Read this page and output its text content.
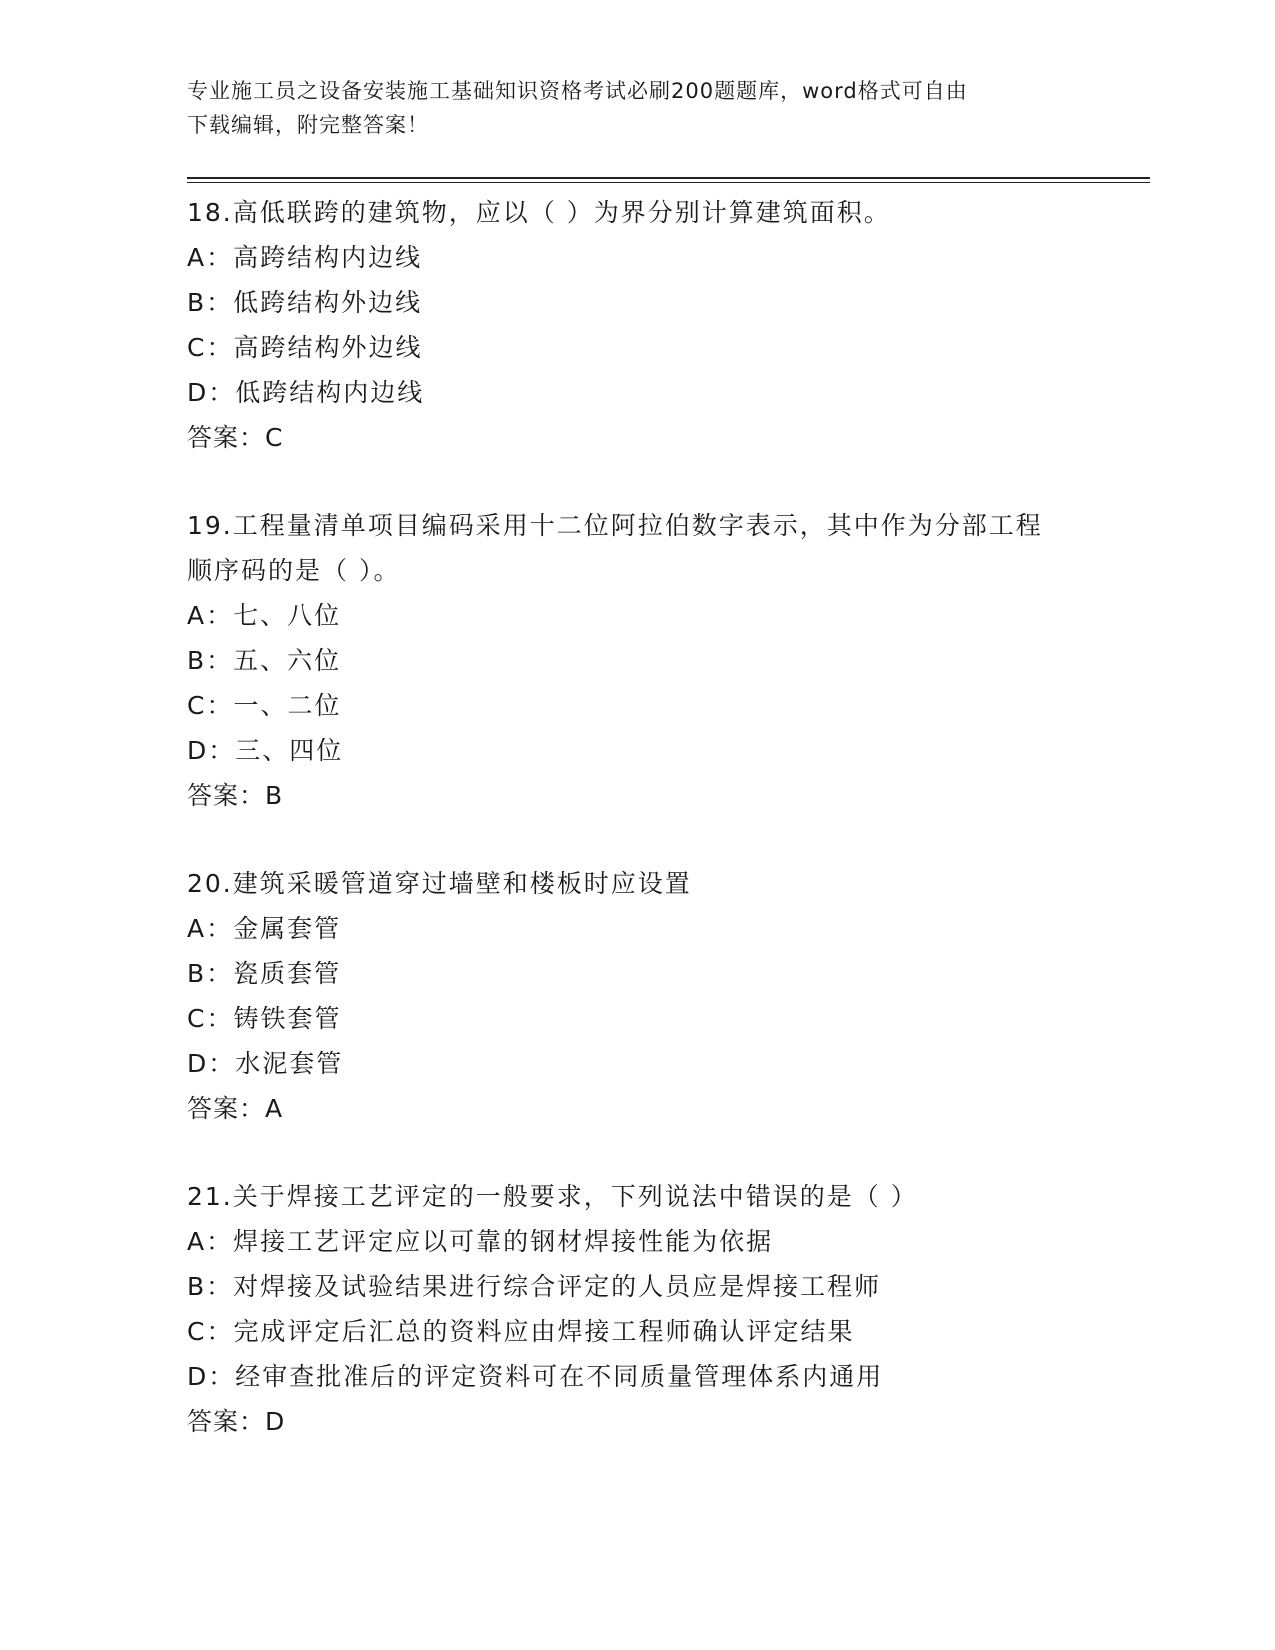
专业施工员之设备安装施工基础知识资格考试必刷200题题库，word格式可自由
下载编辑，附完整答案！
18.高低联跨的建筑物，应以（ ）为界分别计算建筑面积。
A：高跨结构内边线
B：低跨结构外边线
C：高跨结构外边线
D：低跨结构内边线
答案：C
19.工程量清单项目编码采用十二位阿拉伯数字表示，其中作为分部工程顺序码的是（ ）。
A：七、八位
B：五、六位
C：一、二位
D：三、四位
答案：B
20.建筑采暖管道穿过墙壁和楼板时应设置
A：金属套管
B：瓷质套管
C：铸铁套管
D：水泥套管
答案：A
21.关于焊接工艺评定的一般要求，下列说法中错误的是（ ）
A：焊接工艺评定应以可靠的钢材焊接性能为依据
B：对焊接及试验结果进行综合评定的人员应是焊接工程师
C：完成评定后汇总的资料应由焊接工程师确认评定结果
D：经审查批准后的评定资料可在不同质量管理体系内通用
答案：D
